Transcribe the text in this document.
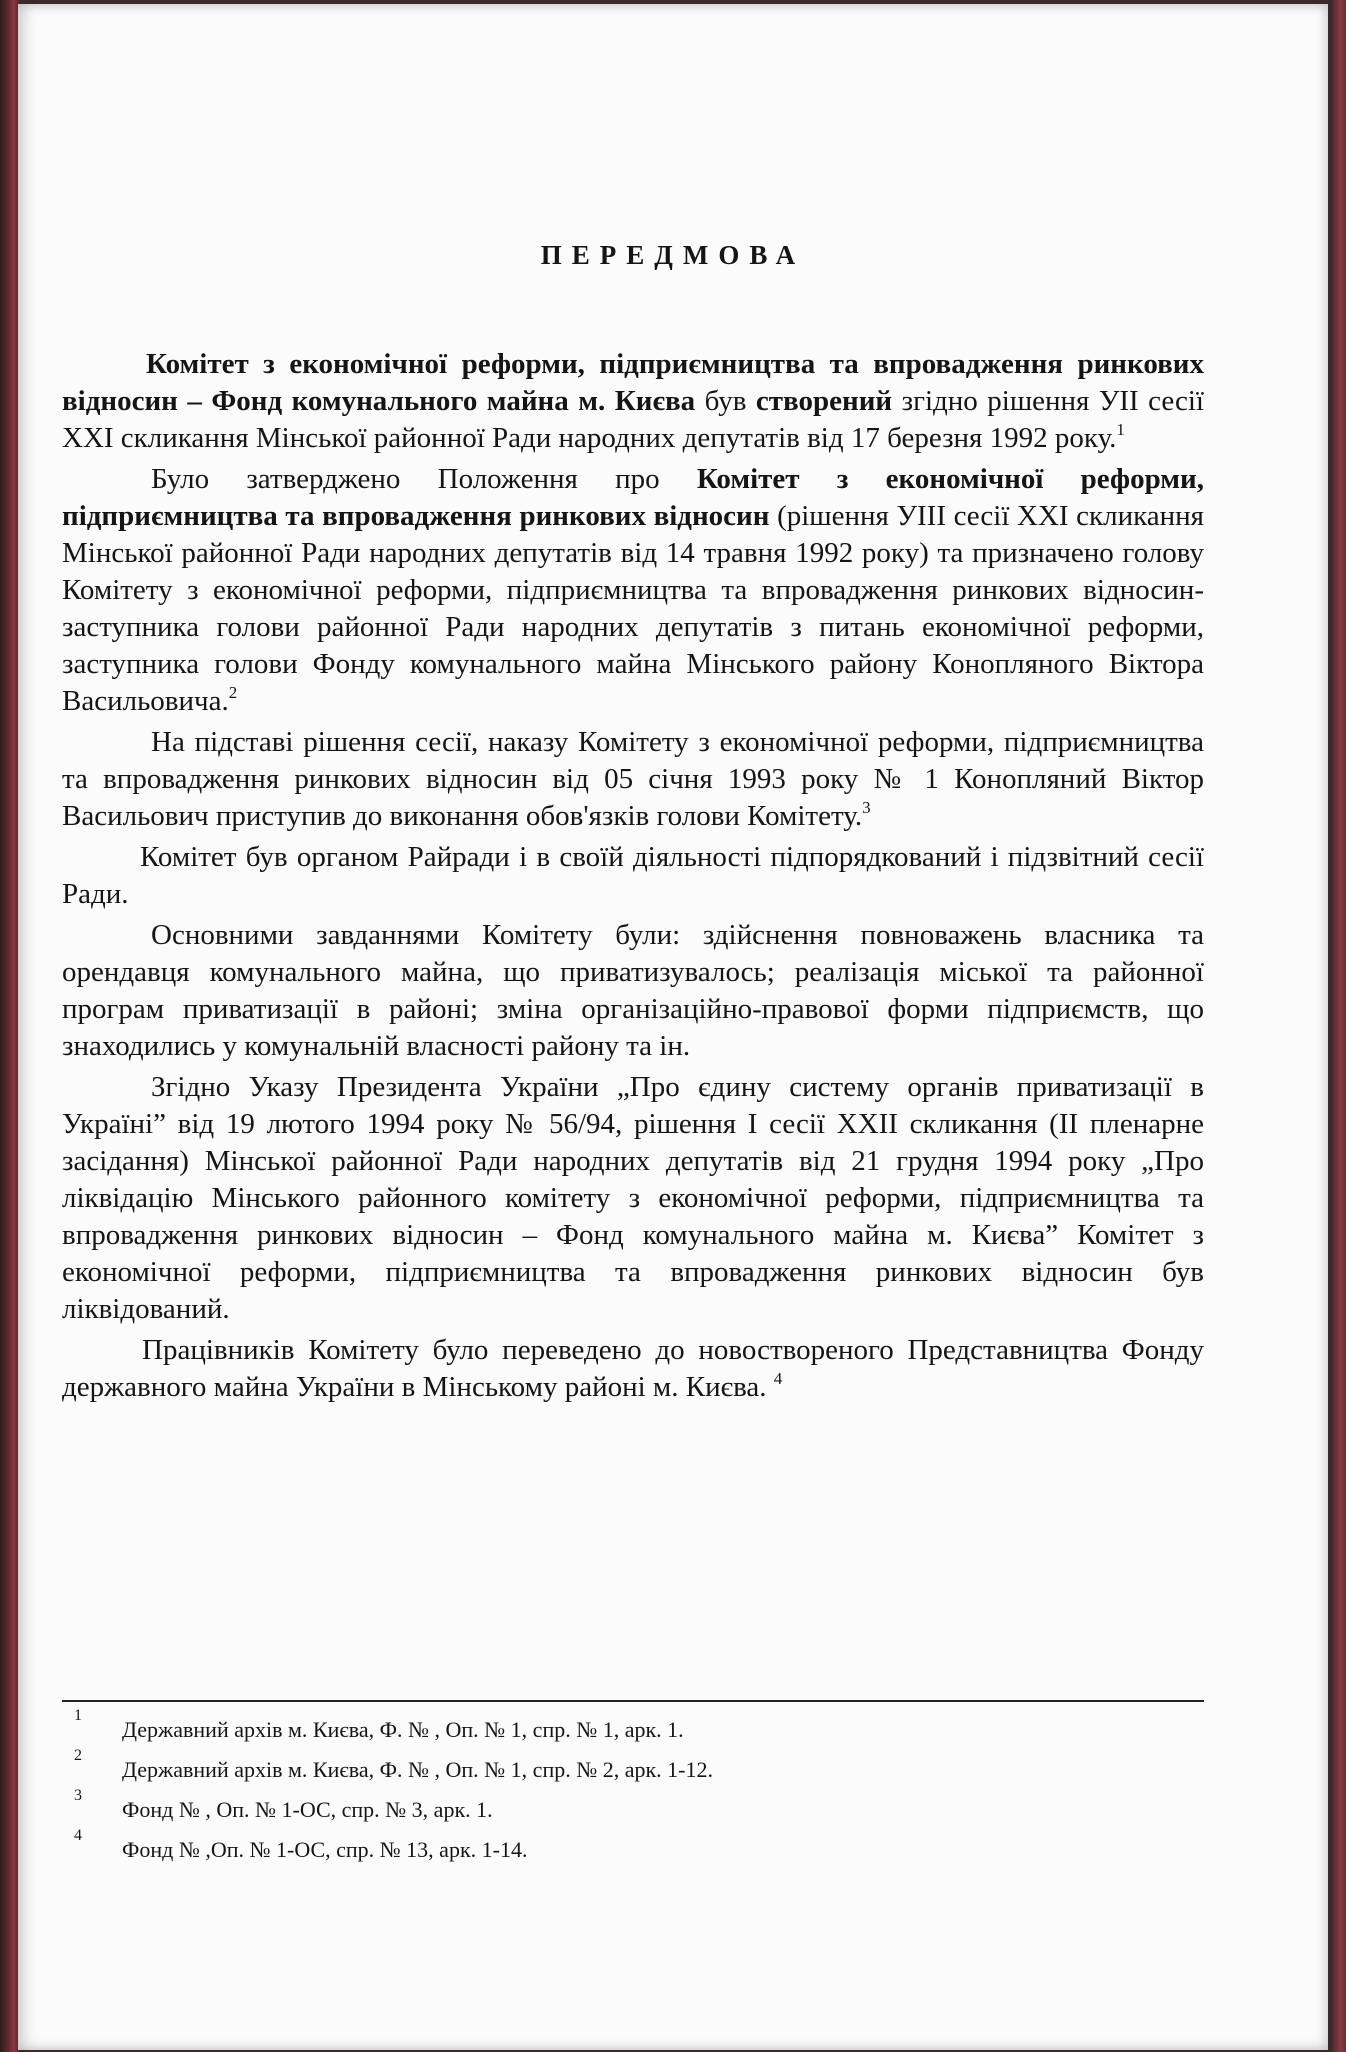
ПЕРЕДМОВА

Комітет з економічної реформи, підприємництва та впровадження ринкових відносин – Фонд комунального майна м. Києва був створений згідно рішення УІІ сесії ХХІ скликання Мінської районної Ради народних депутатів від 17 березня 1992 року.$^1$

Було затверджено Положення про Комітет з економічної реформи, підприємництва та впровадження ринкових відносин (рішення УІІІ сесії ХХІ скликання Мінської районної Ради народних депутатів від 14 травня 1992 року) та призначено голову Комітету з економічної реформи, підприємництва та впровадження ринкових відносин- заступника голови районної Ради народних депутатів з питань економічної реформи, заступника голови Фонду комунального майна Мінського району Конопляного Віктора Васильовича.$^2$

На підставі рішення сесії, наказу Комітету з економічної реформи, підприємництва та впровадження ринкових відносин від 05 січня 1993 року № 1 Конопляний Віктор Васильович приступив до виконання обов'язків голови Комітету.$^3$

Комітет був органом Райради і в своїй діяльності підпорядкований і підзвітний сесії Ради.

Основними завданнями Комітету були: здійснення повноважень власника та орендавця комунального майна, що приватизувалось; реалізація міської та районної програм приватизації в районі; зміна організаційно-правової форми підприємств, що знаходились у комунальній власності району та ін.

Згідно Указу Президента України „Про єдину систему органів приватизації в Україні” від 19 лютого 1994 року № 56/94, рішення І сесії ХХІІ скликання (ІІ пленарне засідання) Мінської районної Ради народних депутатів від 21 грудня 1994 року „Про ліквідацію Мінського районного комітету з економічної реформи, підприємництва та впровадження ринкових відносин – Фонд комунального майна м. Києва” Комітет з економічної реформи, підприємництва та впровадження ринкових відносин був ліквідований.

Працівників Комітету було переведено до новоствореного Представництва Фонду державного майна України в Мінському районі м. Києва. $^4$

1
Державний архів м. Києва, Ф. № , Оп. № 1, спр. № 1, арк. 1.
2
Державний архів м. Києва, Ф. № , Оп. № 1, спр. № 2, арк. 1-12.
3
Фонд № , Оп. № 1-ОС, спр. № 3, арк. 1.
4
Фонд № ,Оп. № 1-ОС, спр. № 13, арк. 1-14.
